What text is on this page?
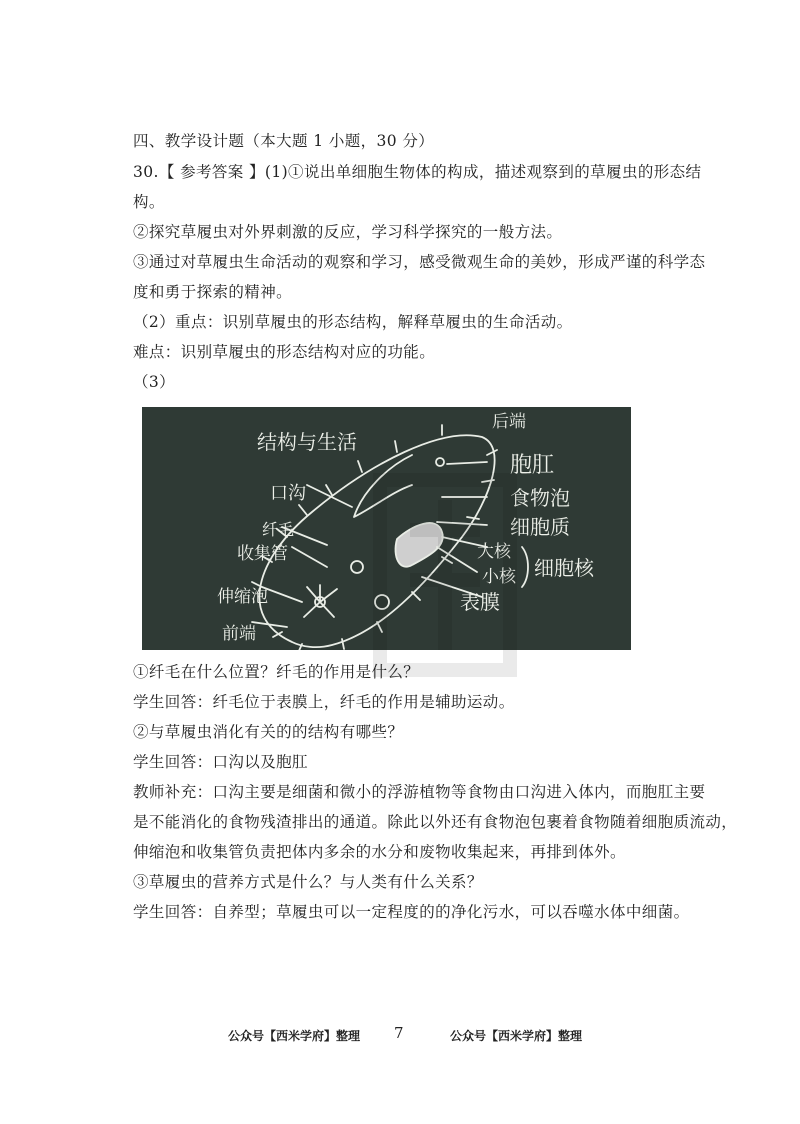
四、教学设计题（本大题 1 小题，30 分）
30.【 参考答案 】(1)①说出单细胞生物体的构成，描述观察到的草履虫的形态结
构。
②探究草履虫对外界刺激的反应，学习科学探究的一般方法。
③通过对草履虫生命活动的观察和学习，感受微观生命的美妙，形成严谨的科学态
度和勇于探索的精神。
（2）重点：识别草履虫的形态结构，解释草履虫的生命活动。
难点：识别草履虫的形态结构对应的功能。
（3）
结构与生活
后端
胞肛
食物泡
细胞质
大核
小核 细胞核
表膜
口沟
纤毛
收集管
伸缩泡
前端
①纤毛在什么位置？纤毛的作用是什么？
学生回答：纤毛位于表膜上，纤毛的作用是辅助运动。
②与草履虫消化有关的的结构有哪些？
学生回答：口沟以及胞肛
教师补充：口沟主要是细菌和微小的浮游植物等食物由口沟进入体内，而胞肛主要
是不能消化的食物残渣排出的通道。除此以外还有食物泡包裹着食物随着细胞质流动，
伸缩泡和收集管负责把体内多余的水分和废物收集起来，再排到体外。
③草履虫的营养方式是什么？与人类有什么关系？
学生回答：自养型；草履虫可以一定程度的的净化污水，可以吞噬水体中细菌。
公众号【西米学府】整理 7	公众号【西米学府】整理
